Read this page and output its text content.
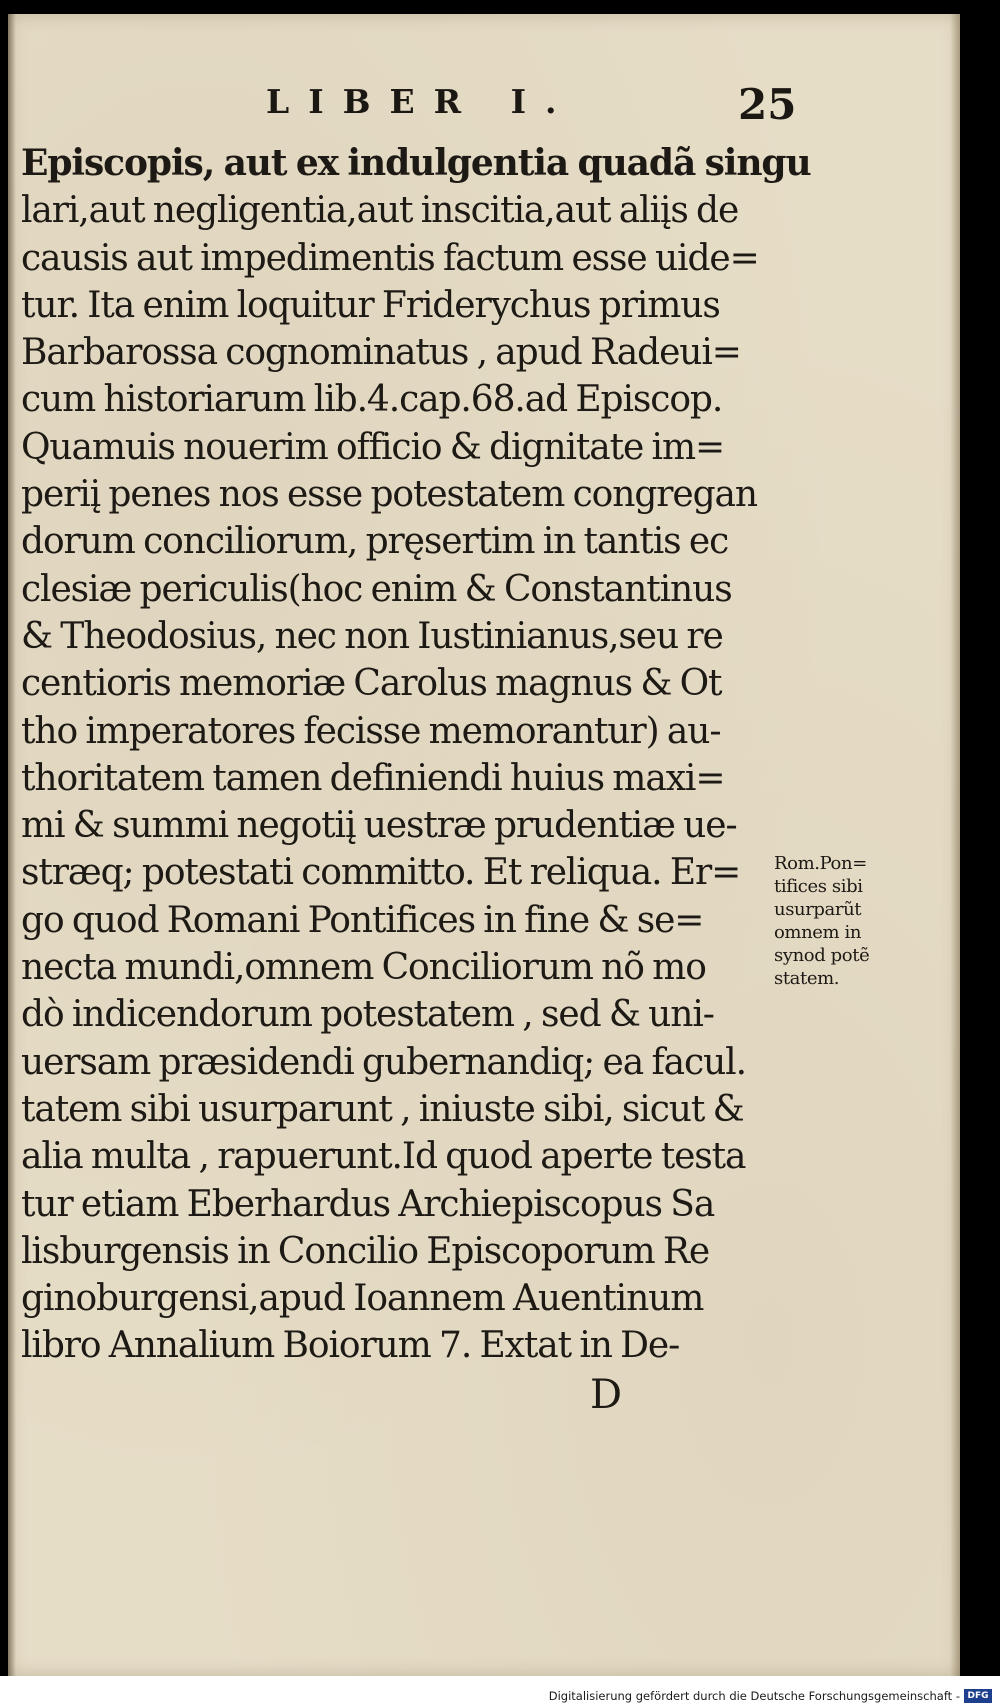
LIBER I.	25
Episcopis, aut ex indulgentia quadã singu
lari,aut negligentia,aut inscitia,aut aliįs de
causis aut impedimentis factum esse uide=
tur. Ita enim loquitur Friderychus primus
Barbarossa cognominatus , apud Radeui=
cum historiarum lib.4.cap.68.ad Episcop.
Quamuis nouerim officio & dignitate im=
periį penes nos esse potestatem congregan
dorum conciliorum, pręsertim in tantis ec
clesiæ periculis(hoc enim & Constantinus
& Theodosius, nec non Iustinianus,seu re
centioris memoriæ Carolus magnus & Ot
tho imperatores fecisse memorantur) au-
thoritatem tamen definiendi huius maxi=
mi & summi negotiį uestræ prudentiæ ue-
stræq; potestati committo. Et reliqua. Er=
go quod Romani Pontifices in fine & se=
necta mundi,omnem Conciliorum nõ mo
dò indicendorum potestatem , sed & uni-
uersam præsidendi gubernandiq; ea facul.
tatem sibi usurparunt , iniuste sibi, sicut &
alia multa , rapuerunt.Id quod aperte testa
tur etiam Eberhardus Archiepiscopus Sa
lisburgensis in Concilio Episcoporum Re
ginoburgensi,apud Ioannem Auentinum
libro Annalium Boiorum 7. Extat in De-
Rom.Pon=
tifices sibi
usurparũt
omnem in
synod potẽ
statem.
D
Digitalisierung gefördert durch die Deutsche Forschungsgemeinschaft - DFG
